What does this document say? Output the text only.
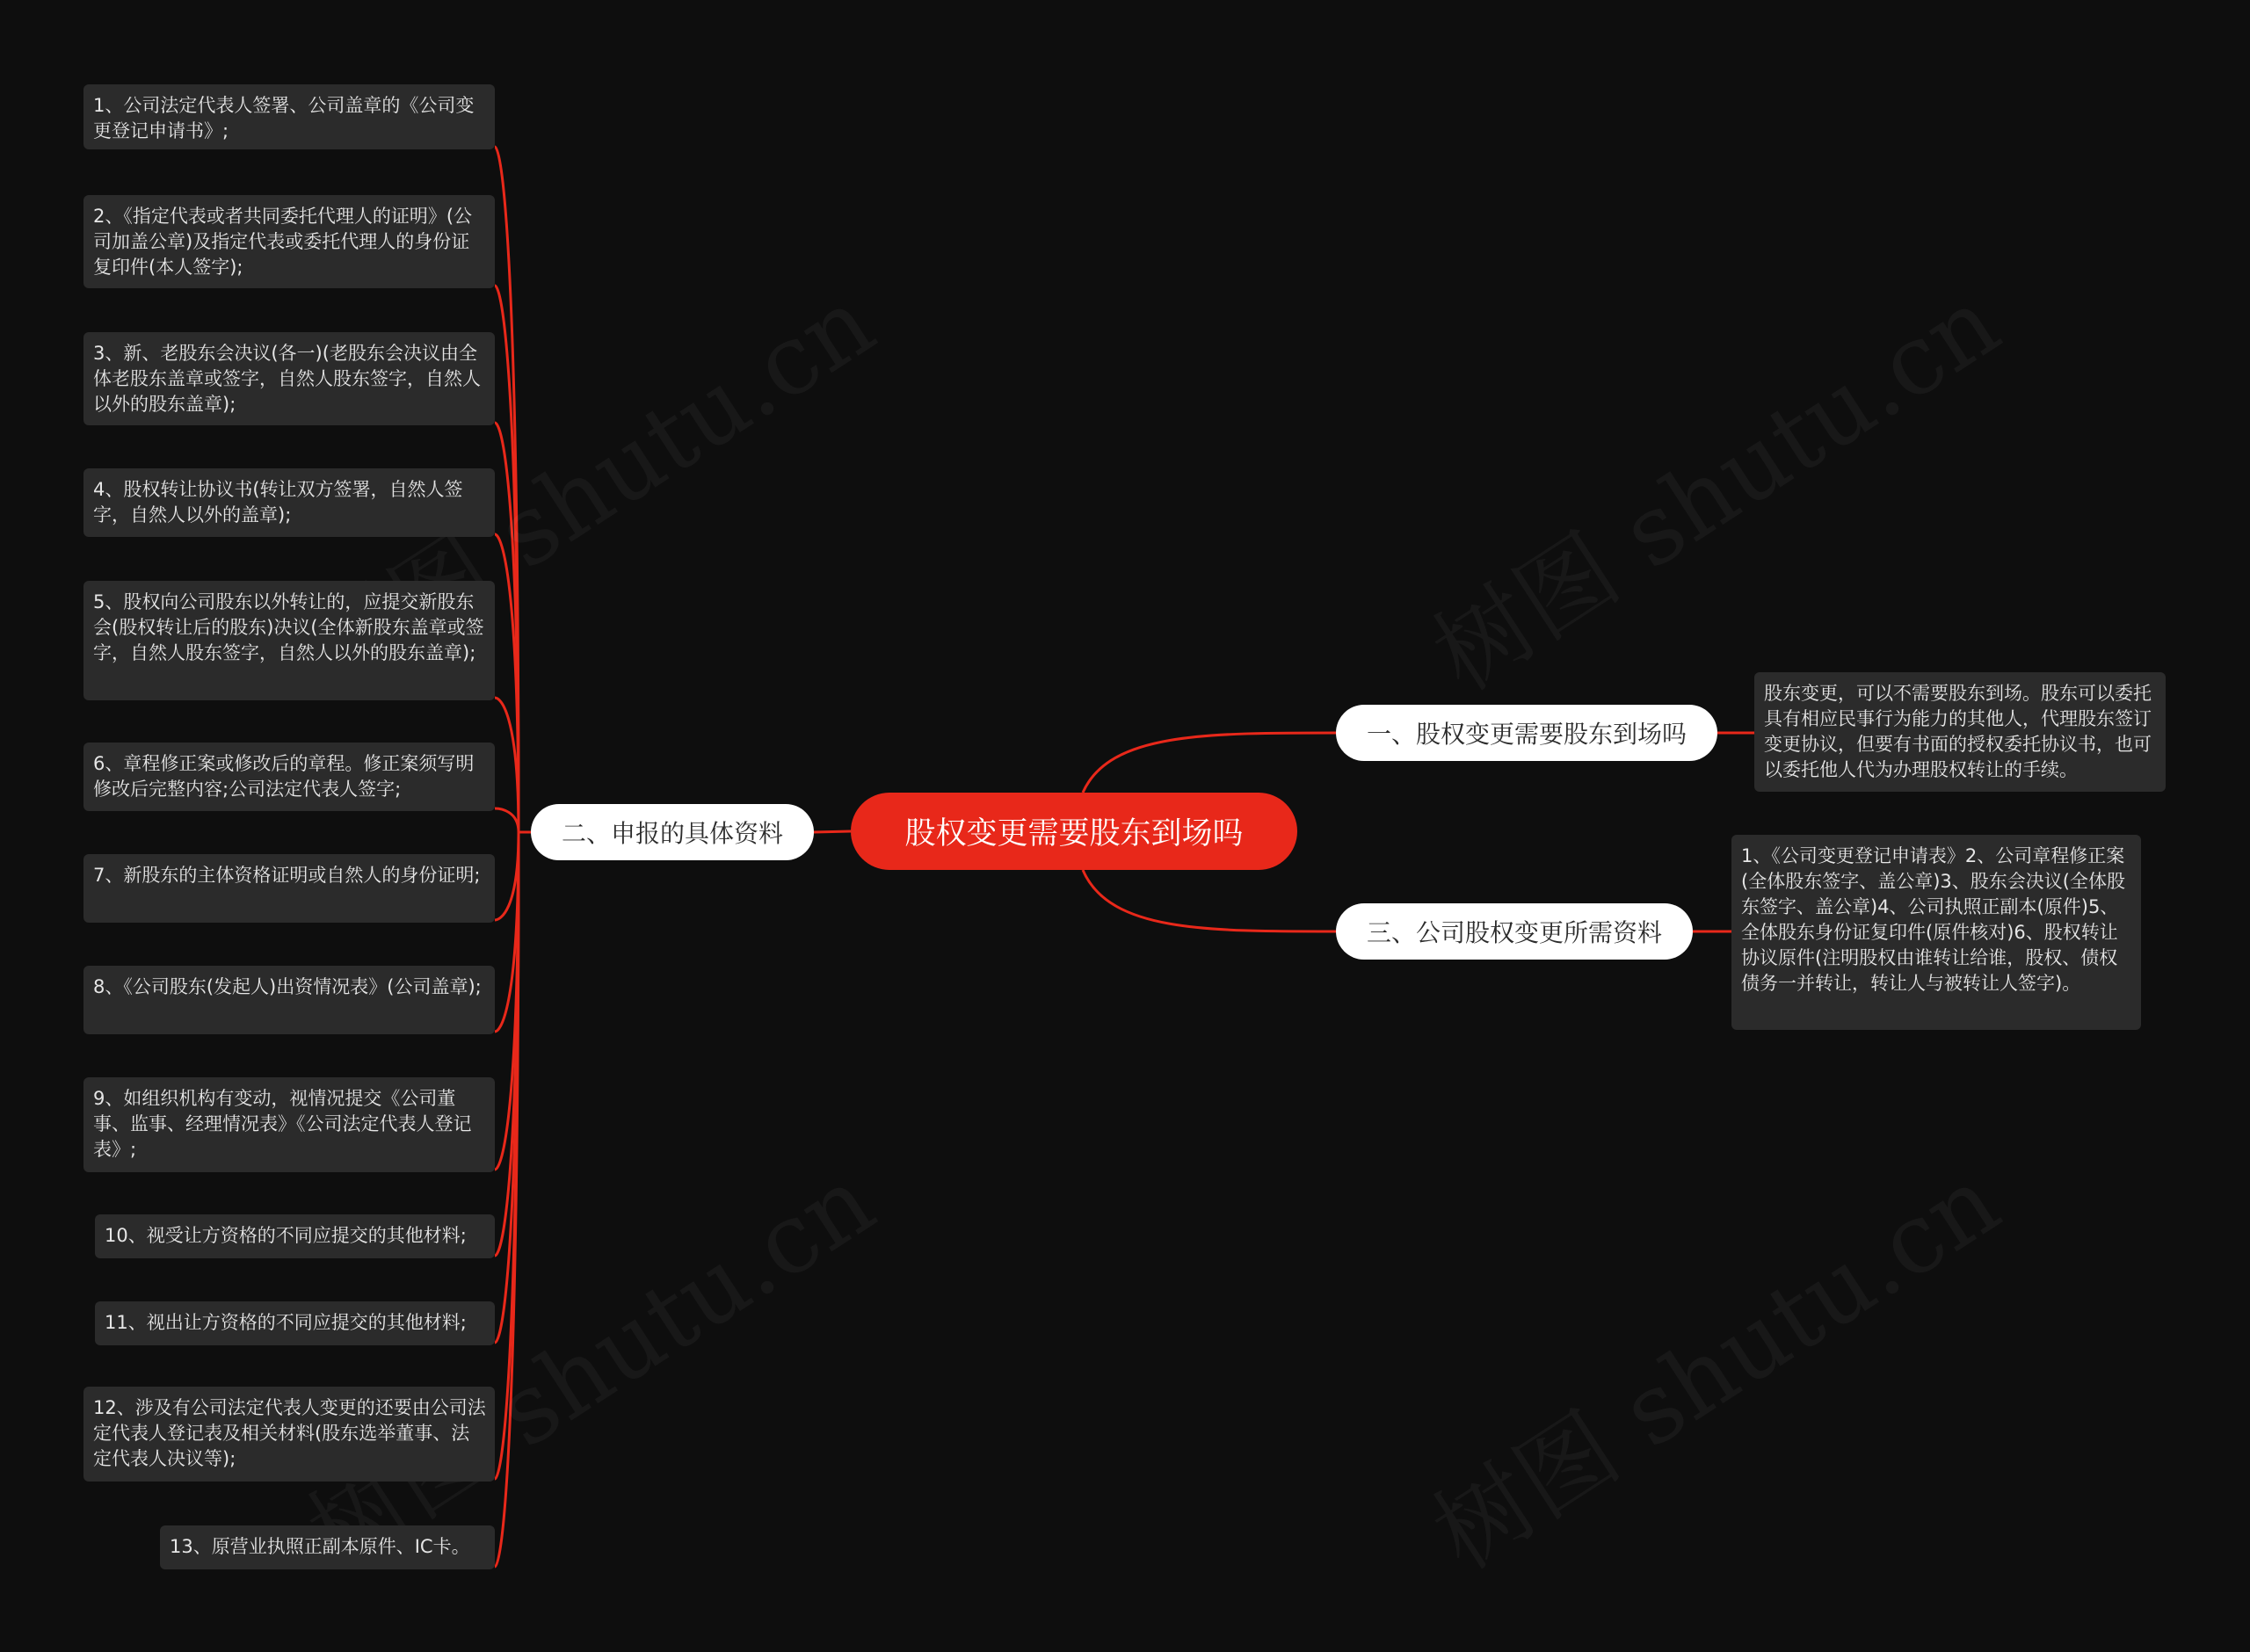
股权变更需要股东到场吗
一、股权变更需要股东到场吗
二、申报的具体资料
三、公司股权变更所需资料
股东变更，可以不需要股东到场。股东可以委托具有相应民事行为能力的其他人，代理股东签订变更协议，但要有书面的授权委托协议书，也可以委托他人代为办理股权转让的手续。
1、公司法定代表人签署、公司盖章的《公司变更登记申请书》;
2、《指定代表或者共同委托代理人的证明》(公司加盖公章)及指定代表或委托代理人的身份证复印件(本人签字);
3、新、老股东会决议(各一)(老股东会决议由全体老股东盖章或签字，自然人股东签字，自然人以外的股东盖章);
4、股权转让协议书(转让双方签署，自然人签字，自然人以外的盖章);
5、股权向公司股东以外转让的，应提交新股东会(股权转让后的股东)决议(全体新股东盖章或签字，自然人股东签字，自然人以外的股东盖章);
6、章程修正案或修改后的章程。修正案须写明修改后完整内容;公司法定代表人签字;
7、新股东的主体资格证明或自然人的身份证明;
8、《公司股东(发起人)出资情况表》(公司盖章);
9、如组织机构有变动，视情况提交《公司董事、监事、经理情况表》《公司法定代表人登记表》;
10、视受让方资格的不同应提交的其他材料;
11、视出让方资格的不同应提交的其他材料;
12、涉及有公司法定代表人变更的还要由公司法定代表人登记表及相关材料(股东选举董事、法定代表人决议等);
13、原营业执照正副本原件、IC卡。
1、《公司变更登记申请表》2、公司章程修正案(全体股东签字、盖公章)3、股东会决议(全体股东签字、盖公章)4、公司执照正副本(原件)5、全体股东身份证复印件(原件核对)6、股权转让协议原件(注明股权由谁转让给谁，股权、债权债务一并转让，转让人与被转让人签字)。
